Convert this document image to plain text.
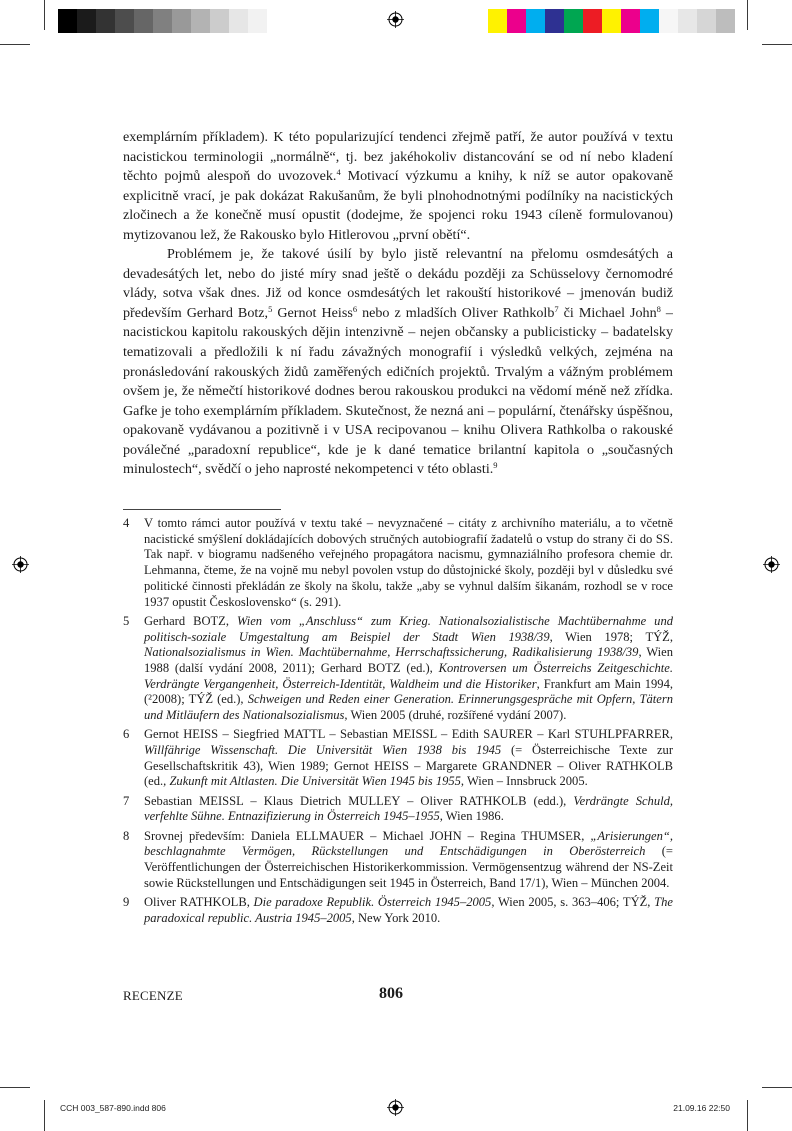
exemplárním příkladem). K této popularizující tendenci zřejmě patří, že autor používá v textu nacistickou terminologii „normálně“, tj. bez jakéhokoliv distancování se od ní nebo kladení těchto pojmů alespoň do uvozovek.$^4$ Motivací výzkumu a knihy, k níž se autor opakovaně explicitně vrací, je pak dokázat Rakušanům, že byli plnohodnotnými podílníky na nacistických zločinech a že konečně musí opustit (dodejme, že spojenci roku 1943 cíleně formulovanou) mytizovanou lež, že Rakousko bylo Hitlerovou „první obětí“.

Problémem je, že takové úsilí by bylo jistě relevantní na přelomu osmdesátých a devadesátých let, nebo do jisté míry snad ještě o dekádu později za Schüsselovy černomodré vlády, sotva však dnes. Již od konce osmdesátých let rakouští historikové – jmenován budiž především Gerhard Botz,$^5$ Gernot Heiss$^6$ nebo z mladších Oliver Rathkolb$^7$ či Michael John$^8$ – nacistickou kapitolu rakouských dějin intenzivně – nejen občansky a publicisticky – badatelsky tematizovali a předložili k ní řadu závažných monografií i výsledků velkých, zejména na pronásledování rakouských židů zaměřených edičních projektů. Trvalým a vážným problémem ovšem je, že němečtí historikové dodnes berou rakouskou produkci na vědomí méně než zřídka. Gafke je toho exemplárním příkladem. Skutečnost, že nezná ani – populární, čtenářsky úspěšnou, opakovaně vydávanou a pozitivně i v USA recipovanou – knihu Olivera Rathkolba o rakouské poválečné „paradoxní republice“, kde je k dané tematice brilantní kapitola o „současných minulostech“, svědčí o jeho naprosté nekompetenci v této oblasti.$^9$

4	V tomto rámci autor používá v textu také – nevyznačené – citáty z archivního materiálu, a to včetně nacistické smýšlení dokládajících dobových stručných autobiografií žadatelů o vstup do strany či do SS. Tak např. v biogramu nadšeného veřejného propagátora nacismu, gymnaziálního profesora chemie dr. Lehmanna, čteme, že na vojně mu nebyl povolen vstup do důstojnické školy, později byl v důsledku své politické činnosti překládán ze školy na školu, takže „aby se vyhnul dalším šikanám, rozhodl se v roce 1937 opustit Československo“ (s. 291).
5	Gerhard BOTZ, Wien vom „Anschluss“ zum Krieg. Nationalsozialistische Machtübernahme und politisch-soziale Umgestaltung am Beispiel der Stadt Wien 1938/39, Wien 1978; TÝŽ, Nationalsozialismus in Wien. Machtübernahme, Herrschaftssicherung, Radikalisierung 1938/39, Wien 1988 (další vydání 2008, 2011); Gerhard BOTZ (ed.), Kontroversen um Österreichs Zeitgeschichte. Verdrängte Vergangenheit, Österreich-Identität, Waldheim und die Historiker, Frankfurt am Main 1994, (²2008); TÝŽ (ed.), Schweigen und Reden einer Generation. Erinnerungsgespräche mit Opfern, Tätern und Mitläufern des Nationalsozialismus, Wien 2005 (druhé, rozšířené vydání 2007).
6	Gernot HEISS – Siegfried MATTL – Sebastian MEISSL – Edith SAURER – Karl STUHLPFARRER, Willfährige Wissenschaft. Die Universität Wien 1938 bis 1945 (= Österreichische Texte zur Gesellschaftskritik 43), Wien 1989; Gernot HEISS – Margarete GRANDNER – Oliver RATHKOLB (ed., Zukunft mit Altlasten. Die Universität Wien 1945 bis 1955, Wien – Innsbruck 2005.
7	Sebastian MEISSL – Klaus Dietrich MULLEY – Oliver RATHKOLB (edd.), Verdrängte Schuld, verfehlte Sühne. Entnazifizierung in Österreich 1945–1955, Wien 1986.
8	Srovnej především: Daniela ELLMAUER – Michael JOHN – Regina THUMSER, „Arisierungen“, beschlagnahmte Vermögen, Rückstellungen und Entschädigungen in Oberösterreich (= Veröffentlichungen der Österreichischen Historikerkommission. Vermögensentzug während der NS-Zeit sowie Rückstellungen und Entschädigungen seit 1945 in Österreich, Band 17/1), Wien – München 2004.
9	Oliver RATHKOLB, Die paradoxe Republik. Österreich 1945–2005, Wien 2005, s. 363–406; TÝŽ, The paradoxical republic. Austria 1945–2005, New York 2010.
RECENZE	806
CCH 003_587-890.indd 806	21.09.16 22:50
